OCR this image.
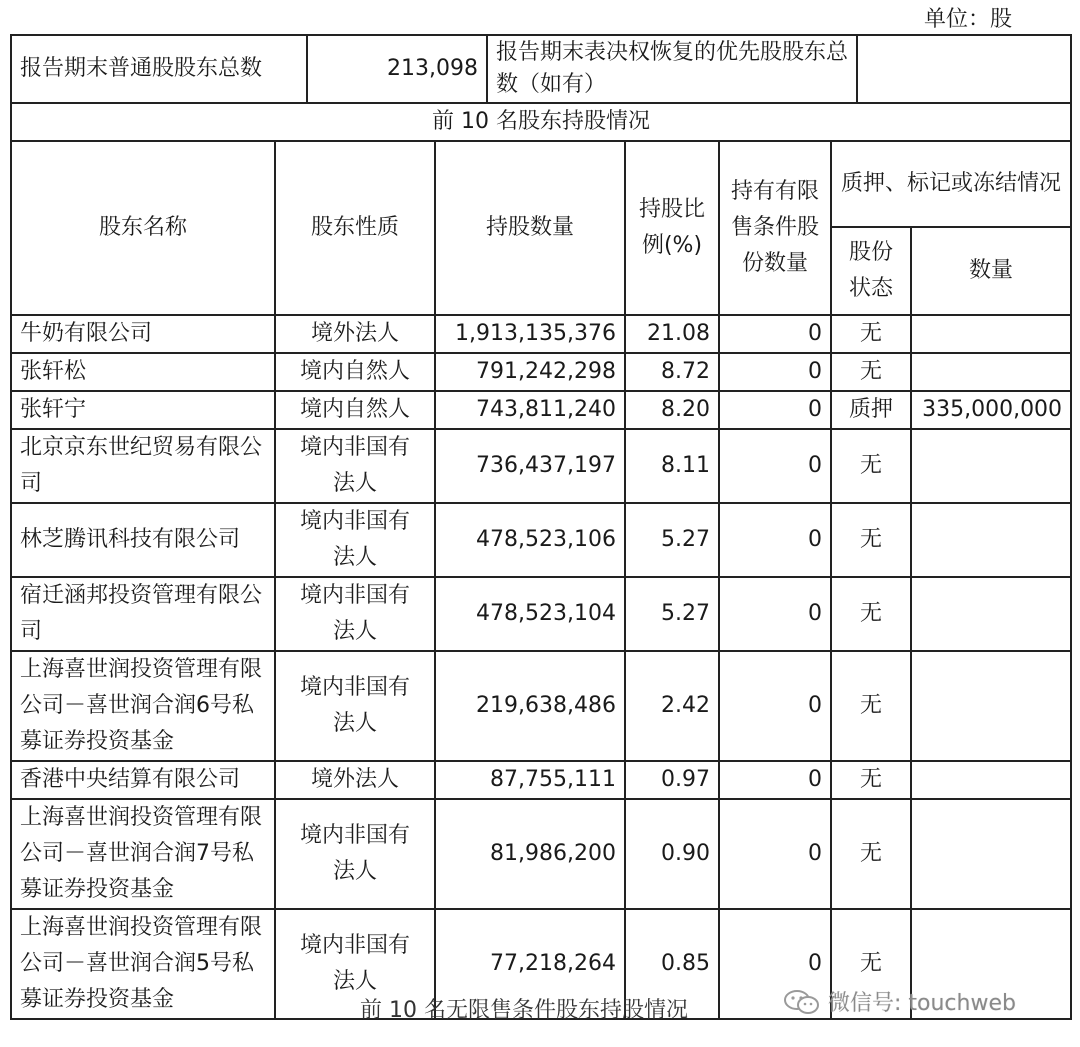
单位：股
报告期末普通股股东总数	213,098	报告期末表决权恢复的优先股股东总数（如有）	
前 10 名股东持股情况						
股东名称	股东性质	持股数量	持股比例(%)	持有有限售条件股份数量	质押、标记或冻结情况	
					股份状态	数量
牛奶有限公司	境外法人	1,913,135,376	21.08	0	无	
张轩松	境内自然人	791,242,298	8.72	0	无	
张轩宁	境内自然人	743,811,240	8.20	0	质押	335,000,000
北京京东世纪贸易有限公司	境内非国有法人	736,437,197	8.11	0	无	
林芝腾讯科技有限公司	境内非国有法人	478,523,106	5.27	0	无	
宿迁涵邦投资管理有限公司	境内非国有法人	478,523,104	5.27	0	无	
上海喜世润投资管理有限公司－喜世润合润6号私募证券投资基金	境内非国有法人	219,638,486	2.42	0	无	
香港中央结算有限公司	境外法人	87,755,111	0.97	0	无	
上海喜世润投资管理有限公司－喜世润合润7号私募证券投资基金	境内非国有法人	81,986,200	0.90	0	无	
上海喜世润投资管理有限公司－喜世润合润5号私募证券投资基金	境内非国有法人	77,218,264	0.85	0	无	
前 10 名无限售条件股东持股情况	微信号: touchweb
